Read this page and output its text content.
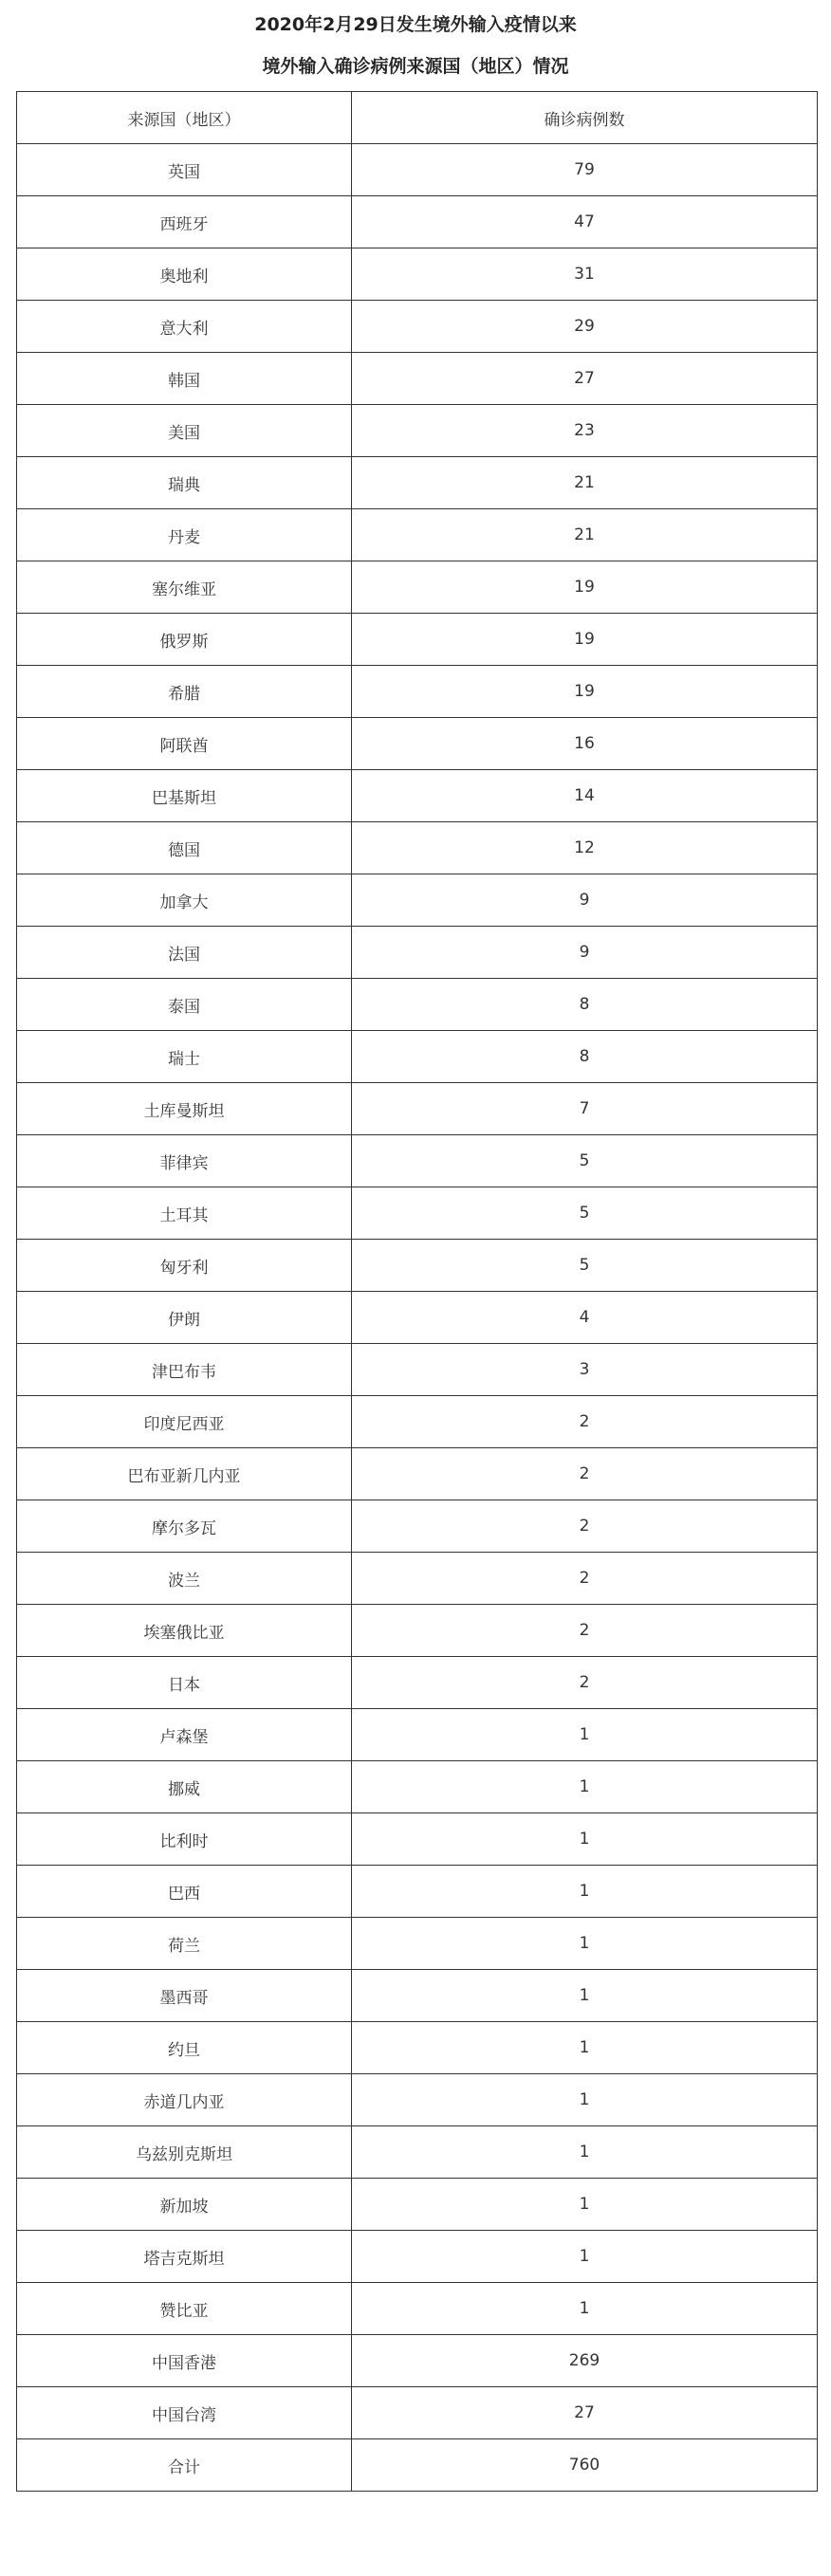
2020年2月29日发生境外输入疫情以来
境外输入确诊病例来源国（地区）情况
来源国（地区）	确诊病例数
英国	79
西班牙	47
奥地利	31
意大利	29
韩国	27
美国	23
瑞典	21
丹麦	21
塞尔维亚	19
俄罗斯	19
希腊	19
阿联酋	16
巴基斯坦	14
德国	12
加拿大	9
法国	9
泰国	8
瑞士	8
土库曼斯坦	7
菲律宾	5
土耳其	5
匈牙利	5
伊朗	4
津巴布韦	3
印度尼西亚	2
巴布亚新几内亚	2
摩尔多瓦	2
波兰	2
埃塞俄比亚	2
日本	2
卢森堡	1
挪威	1
比利时	1
巴西	1
荷兰	1
墨西哥	1
约旦	1
赤道几内亚	1
乌兹别克斯坦	1
新加坡	1
塔吉克斯坦	1
赞比亚	1
中国香港	269
中国台湾	27
合计	760
